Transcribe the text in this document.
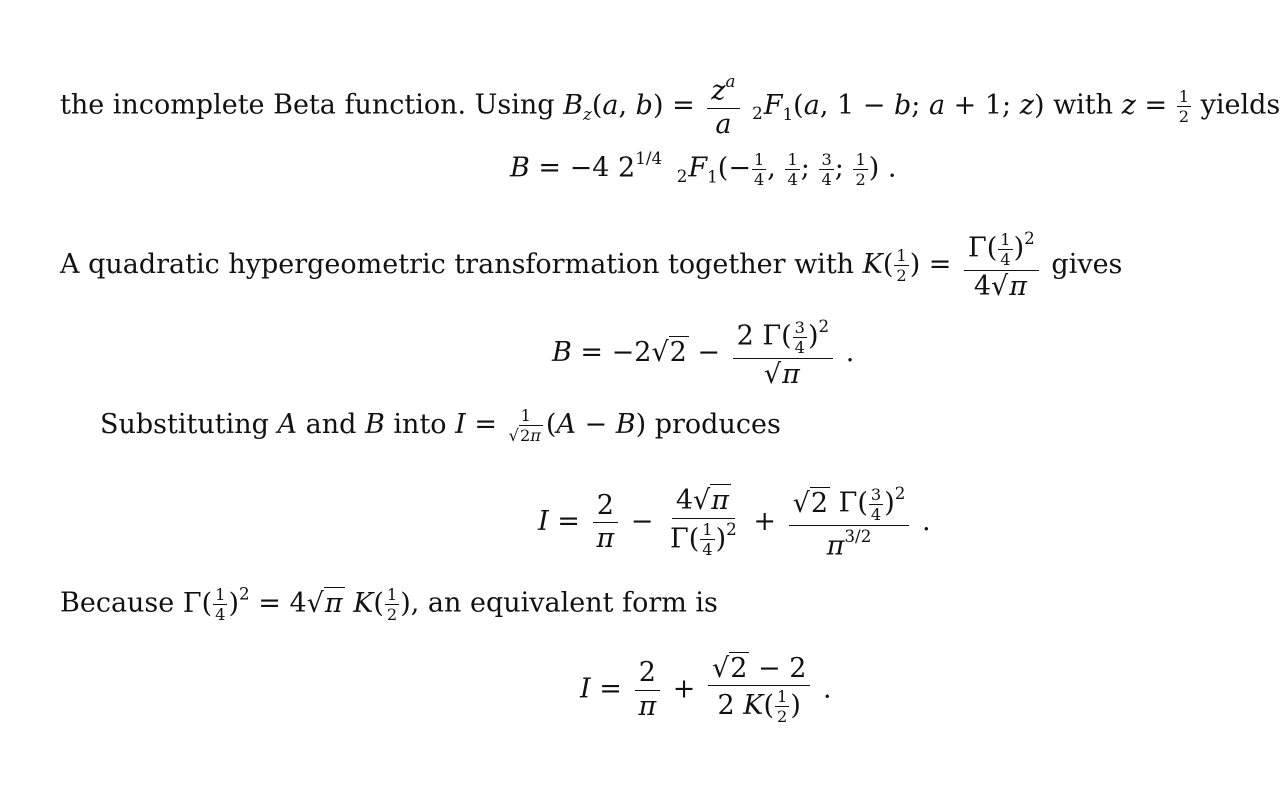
the incomplete Beta function. Using $B_z(a$, $b) = \frac{z^a}{a} _2F_1(a$, 1 − b; a + 1; z) with $z = \frac{1}{2}$ yields
B = −4 $2^{1/4}$ $_2F_1(- \frac{1}{4}$ , $\frac{1}{4}$ ; $\frac{3}{4}$ ; $\frac{1}{2}$ ) .
A quadratic hypergeometric transformation together with $K( \frac{1}{2}$ ) = $\frac{\Gamma( \frac{1}{4} )^2}{4√\pi}$ gives
$B = -2√2 - \frac{2 \Gamma( \frac{3}{4} )^2}{√\pi}$ .
Substituting A and B into $I = \frac{1}{√2\pi} (A - B)$ produces
$I = \frac{2}{\pi} - \frac{4√\pi}{\Gamma( \frac{1}{4} )^2} + \frac{√2 \Gamma( \frac{3}{4} )^2}{\pi^{3/2}}$ .
Because $\Gamma( \frac{1}{4} )^2 = 4√\pi$ $K( \frac{1}{2}$ ), an equivalent form is
$I = \frac{2}{\pi} + \frac{√2 - 2}{2 K( \frac{1}{2} )}$ .
